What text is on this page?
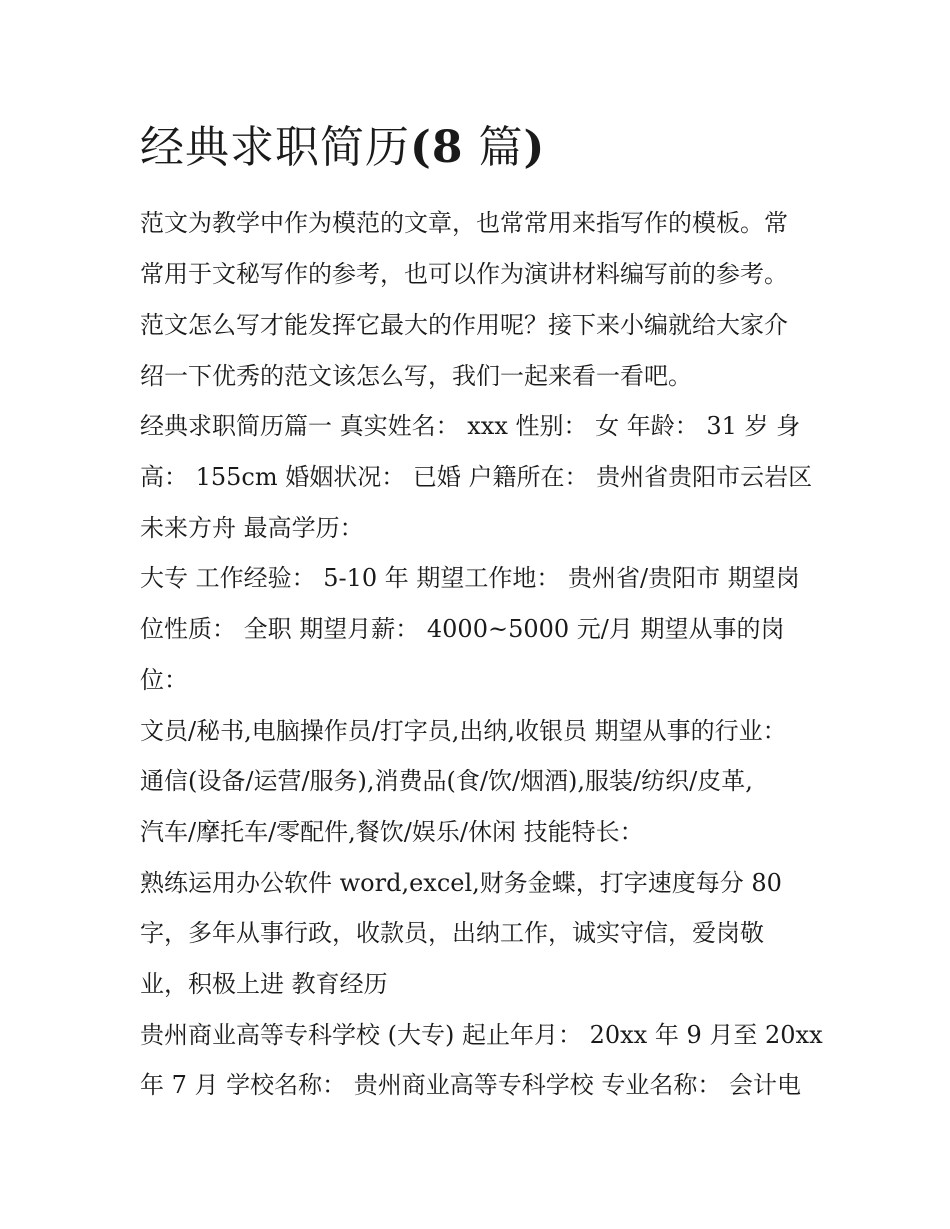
经典求职简历(8 篇)

范文为教学中作为模范的文章，也常常用来指写作的模板。常

常用于文秘写作的参考，也可以作为演讲材料编写前的参考。

范文怎么写才能发挥它最大的作用呢？接下来小编就给大家介

绍一下优秀的范文该怎么写，我们一起来看一看吧。

经典求职简历篇一 真实姓名： xxx 性别： 女 年龄： 31 岁 身

高： 155cm 婚姻状况： 已婚 户籍所在： 贵州省贵阳市云岩区

未来方舟 最高学历：

大专 工作经验： 5-10 年 期望工作地： 贵州省/贵阳市 期望岗

位性质： 全职 期望月薪： 4000~5000 元/月 期望从事的岗

位：

文员/秘书,电脑操作员/打字员,出纳,收银员 期望从事的行业：

通信(设备/运营/服务),消费品(食/饮/烟酒),服装/纺织/皮革,

汽车/摩托车/零配件,餐饮/娱乐/休闲 技能特长：

熟练运用办公软件 word,excel,财务金蝶，打字速度每分 80

字，多年从事行政，收款员，出纳工作，诚实守信，爱岗敬

业，积极上进 教育经历

贵州商业高等专科学校 (大专) 起止年月： 20xx 年 9 月至 20xx

年 7 月 学校名称： 贵州商业高等专科学校 专业名称： 会计电
